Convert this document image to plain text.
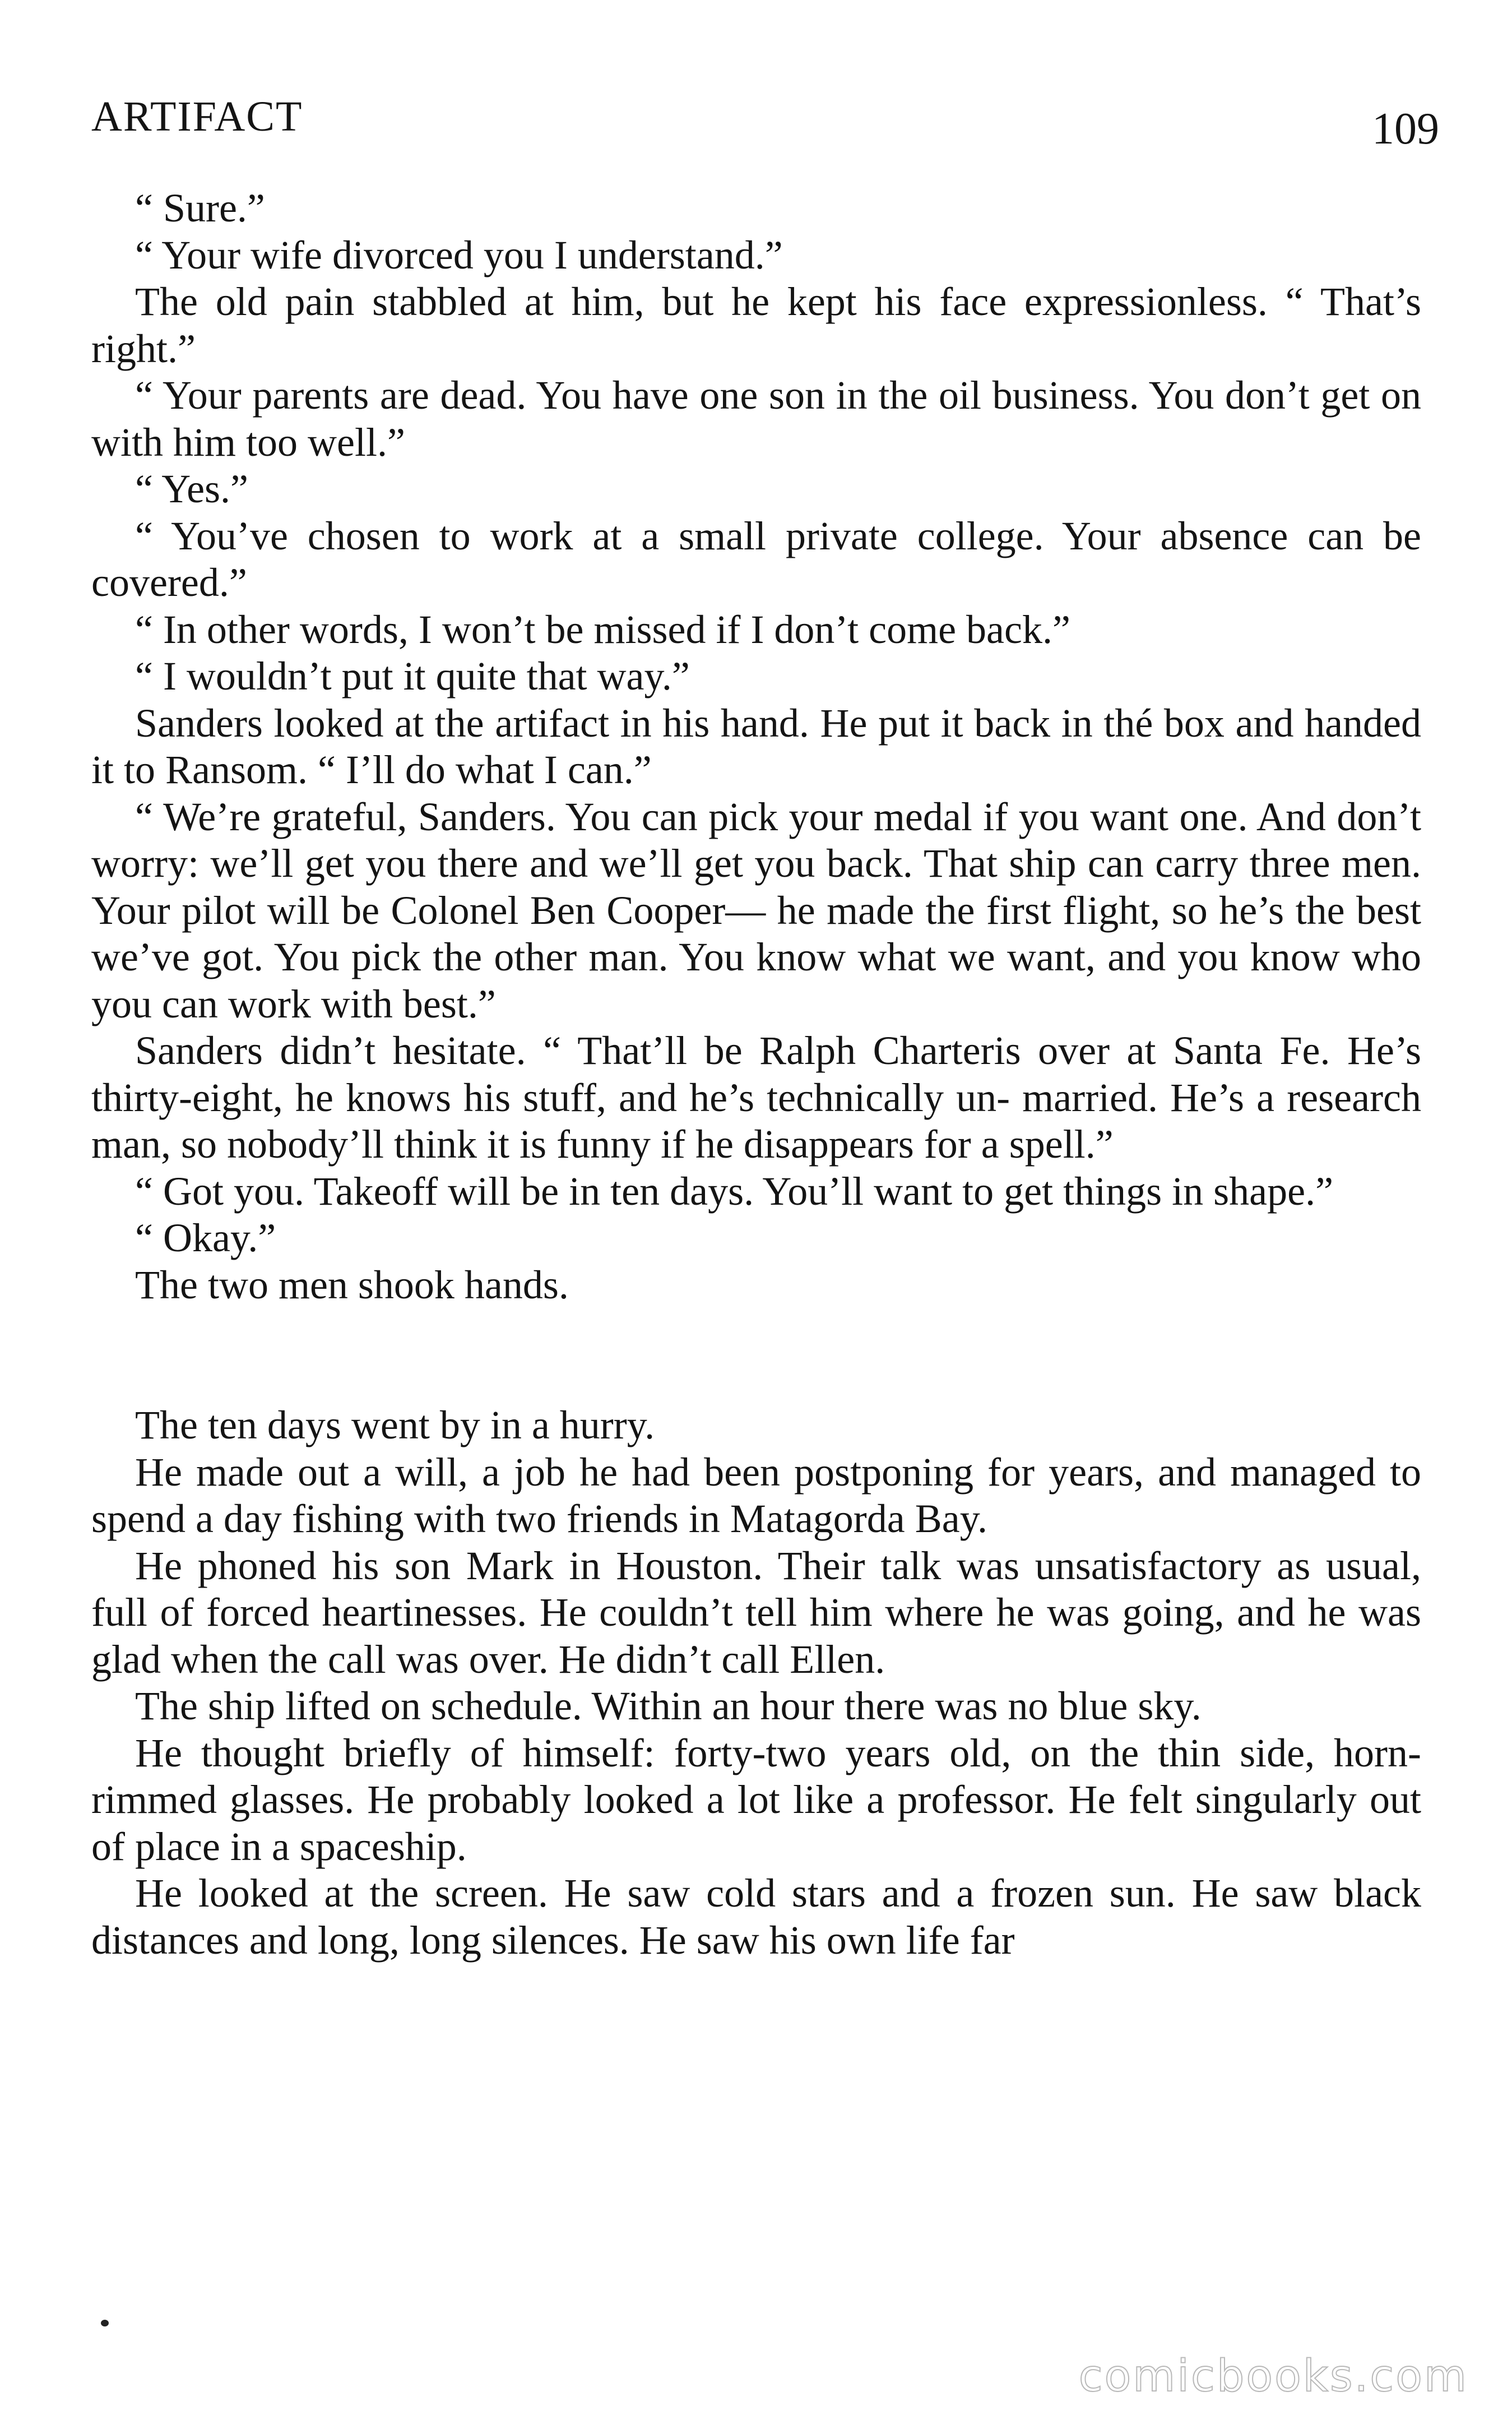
ARTIFACT	109

“ Sure.”

“ Your wife divorced you I understand.”

The old pain stabbled at him, but he kept his face expressionless. “ That’s right.”

“ Your parents are dead. You have one son in the oil business. You don’t get on with him too well.”

“ Yes.”

“ You’ve chosen to work at a small private college. Your absence can be covered.”

“ In other words, I won’t be missed if I don’t come back.”

“ I wouldn’t put it quite that way.”

Sanders looked at the artifact in his hand. He put it back in thé box and handed it to Ransom. “ I’ll do what I can.”

“ We’re grateful, Sanders. You can pick your medal if you want one. And don’t worry: we’ll get you there and we’ll get you back. That ship can carry three men. Your pilot will be Colonel Ben Cooper— he made the first flight, so he’s the best we’ve got. You pick the other man. You know what we want, and you know who you can work with best.”

Sanders didn’t hesitate. “ That’ll be Ralph Charteris over at Santa Fe. He’s thirty-eight, he knows his stuff, and he’s technically un- married. He’s a research man, so nobody’ll think it is funny if he disappears for a spell.”

“ Got you. Takeoff will be in ten days. You’ll want to get things in shape.”

“ Okay.”

The two men shook hands.

The ten days went by in a hurry.

He made out a will, a job he had been postponing for years, and managed to spend a day fishing with two friends in Matagorda Bay.

He phoned his son Mark in Houston. Their talk was unsatisfactory as usual, full of forced heartinesses. He couldn’t tell him where he was going, and he was glad when the call was over. He didn’t call Ellen.

The ship lifted on schedule. Within an hour there was no blue sky.

He thought briefly of himself: forty-two years old, on the thin side, horn-rimmed glasses. He probably looked a lot like a professor. He felt singularly out of place in a spaceship.

He looked at the screen. He saw cold stars and a frozen sun. He saw black distances and long, long silences. He saw his own life far

comicbooks.com
